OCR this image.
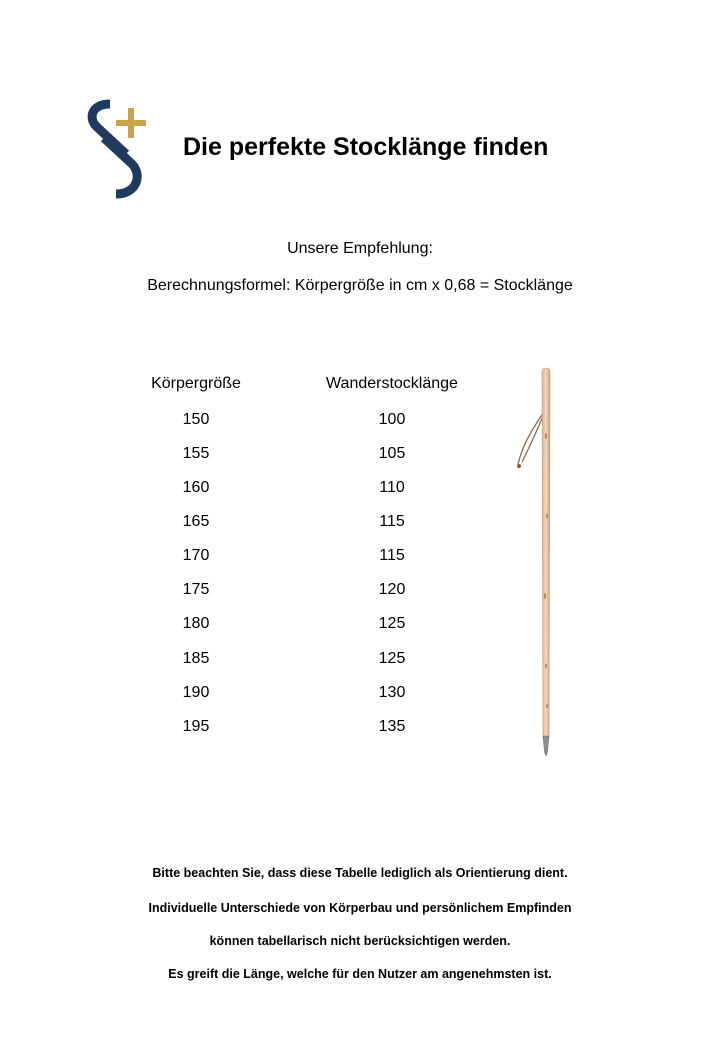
Die perfekte Stocklänge finden
Unsere Empfehlung:
Berechnungsformel: Körpergröße in cm x 0,68 = Stocklänge
Körpergröße
150
155
160
165
170
175
180
185
190
195
Wanderstocklänge
100
105
110
115
115
120
125
125
130
135
Bitte beachten Sie, dass diese Tabelle lediglich als Orientierung dient.
Individuelle Unterschiede von Körperbau und persönlichem Empfinden
können tabellarisch nicht berücksichtigen werden.
Es greift die Länge, welche für den Nutzer am angenehmsten ist.
